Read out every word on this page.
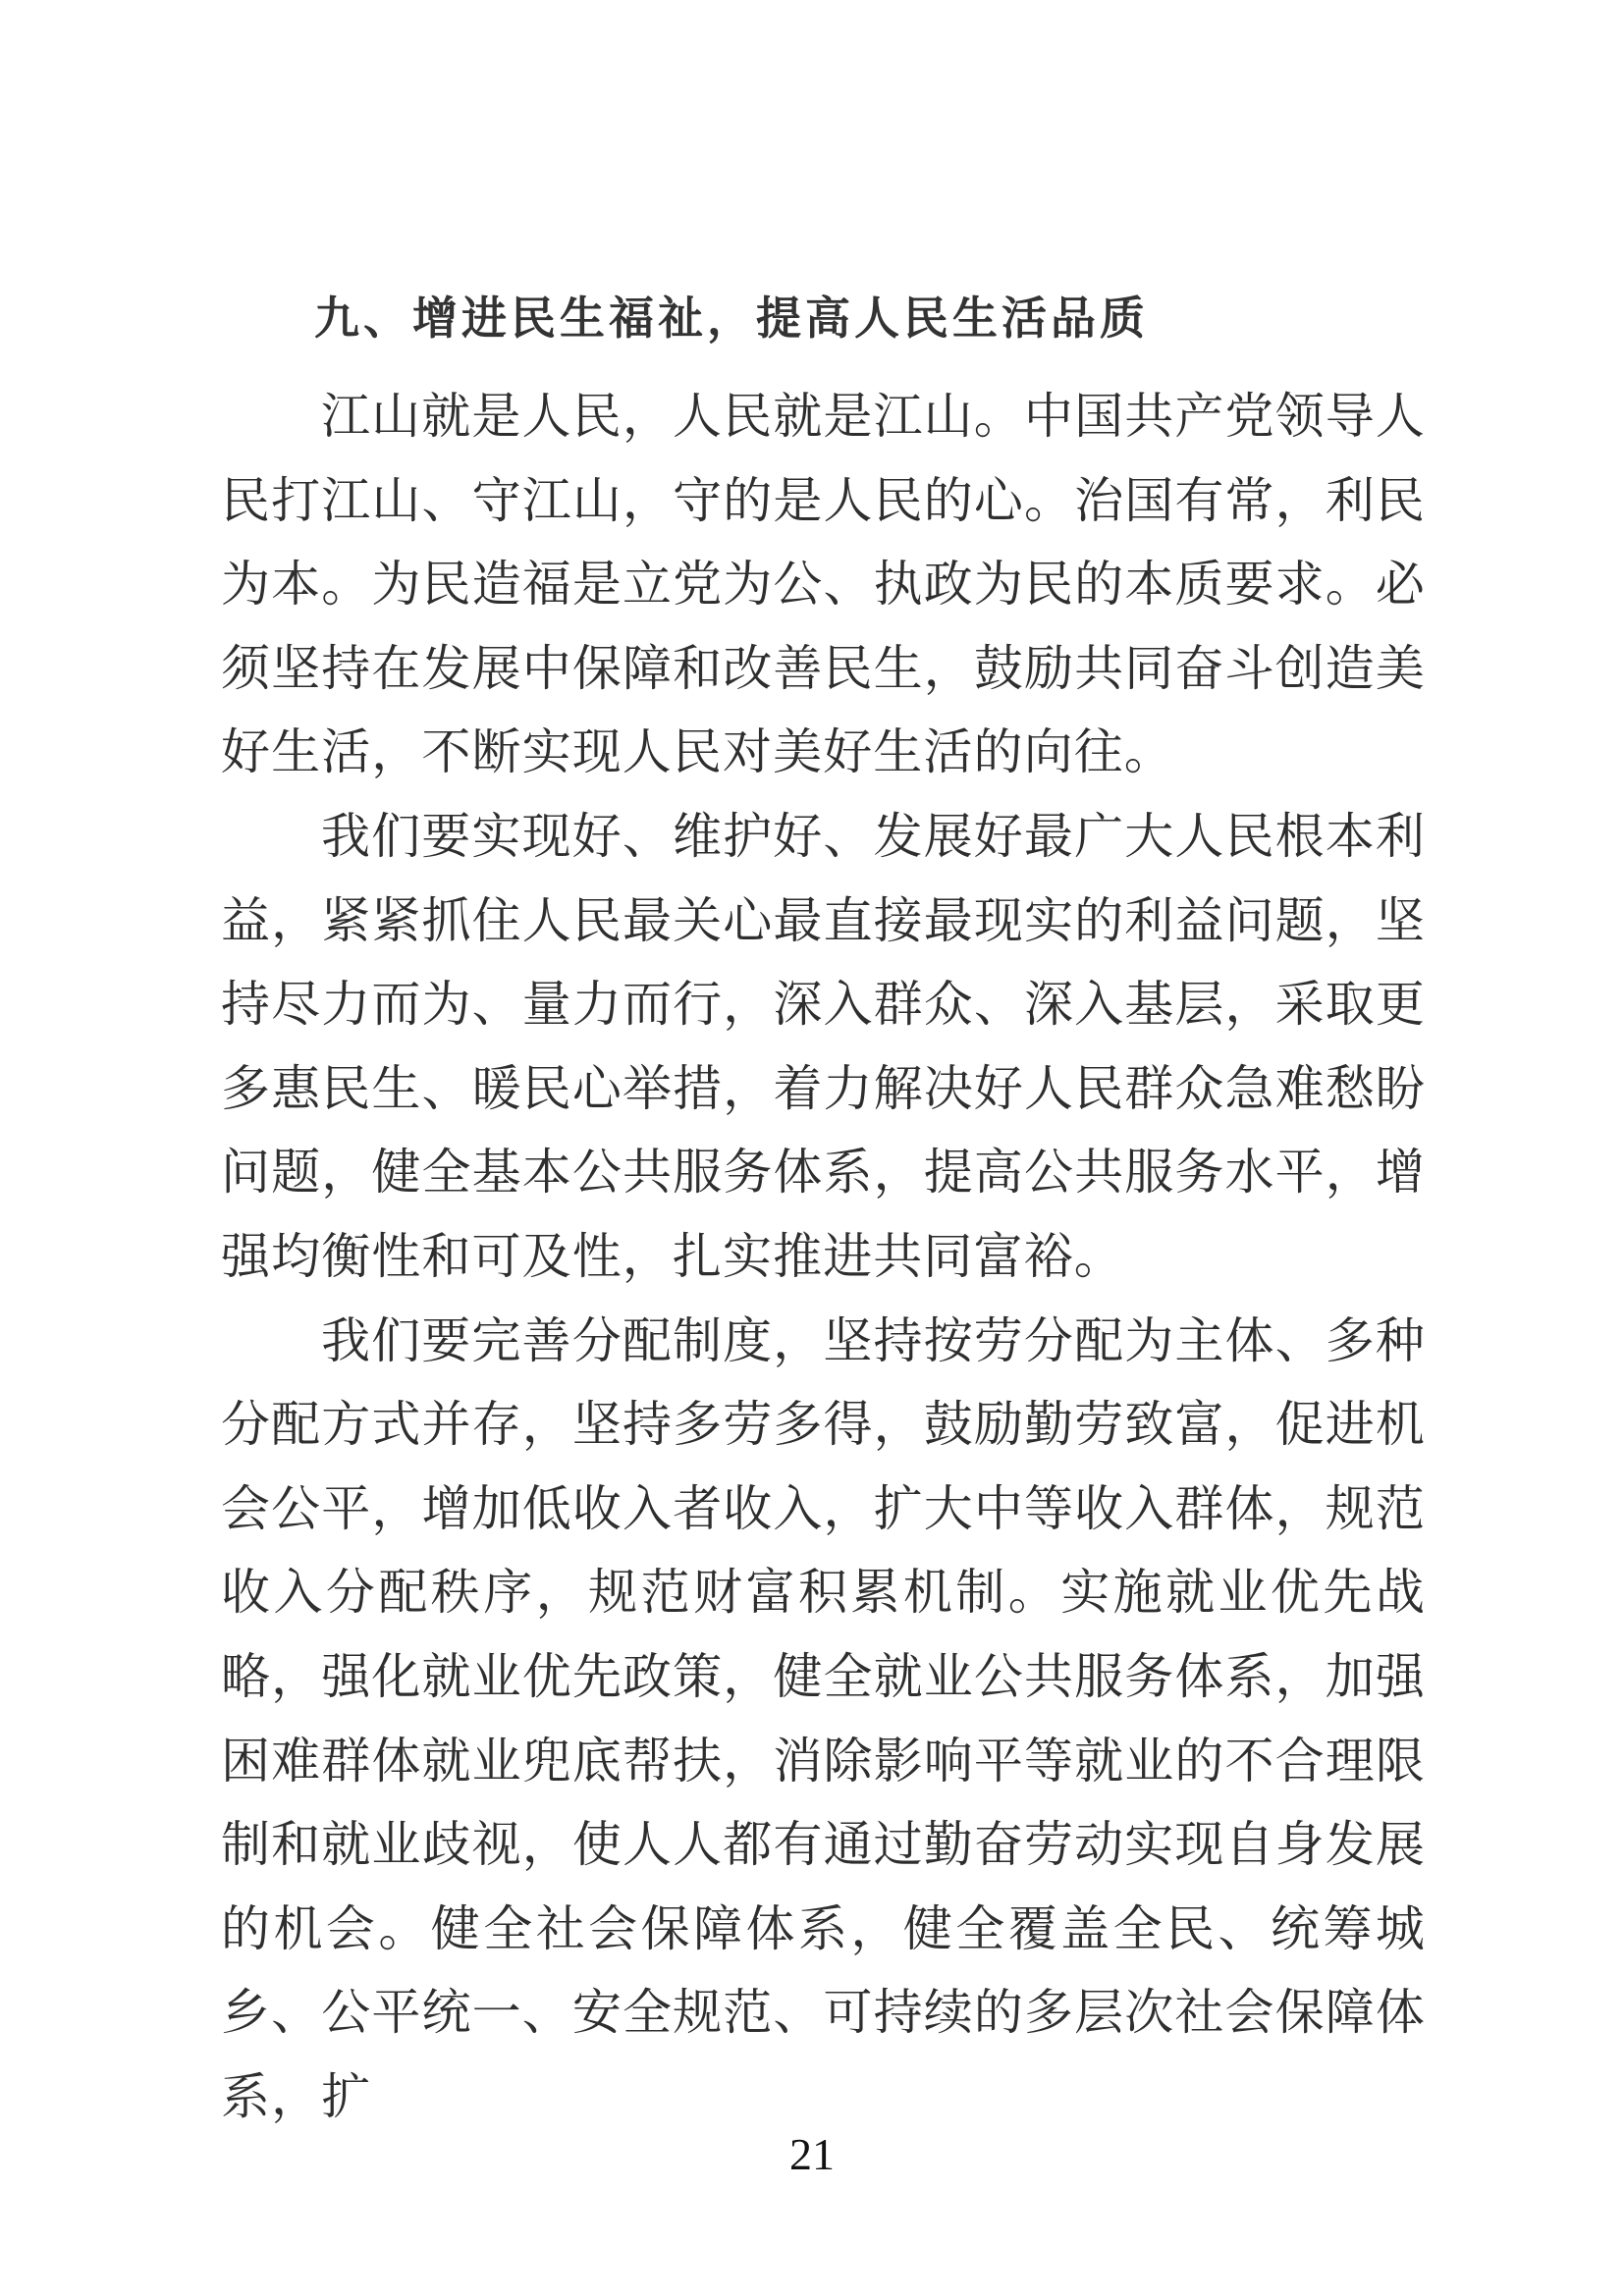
九、增进民生福祉，提高人民生活品质

江山就是人民，人民就是江山。中国共产党领导人民打江山、守江山，守的是人民的心。治国有常，利民为本。为民造福是立党为公、执政为民的本质要求。必须坚持在发展中保障和改善民生，鼓励共同奋斗创造美好生活，不断实现人民对美好生活的向往。

我们要实现好、维护好、发展好最广大人民根本利益，紧紧抓住人民最关心最直接最现实的利益问题，坚持尽力而为、量力而行，深入群众、深入基层，采取更多惠民生、暖民心举措，着力解决好人民群众急难愁盼问题，健全基本公共服务体系，提高公共服务水平，增强均衡性和可及性，扎实推进共同富裕。

我们要完善分配制度，坚持按劳分配为主体、多种分配方式并存，坚持多劳多得，鼓励勤劳致富，促进机会公平，增加低收入者收入，扩大中等收入群体，规范收入分配秩序，规范财富积累机制。实施就业优先战略，强化就业优先政策，健全就业公共服务体系，加强困难群体就业兜底帮扶，消除影响平等就业的不合理限制和就业歧视，使人人都有通过勤奋劳动实现自身发展的机会。健全社会保障体系，健全覆盖全民、统筹城乡、公平统一、安全规范、可持续的多层次社会保障体系，扩

21
